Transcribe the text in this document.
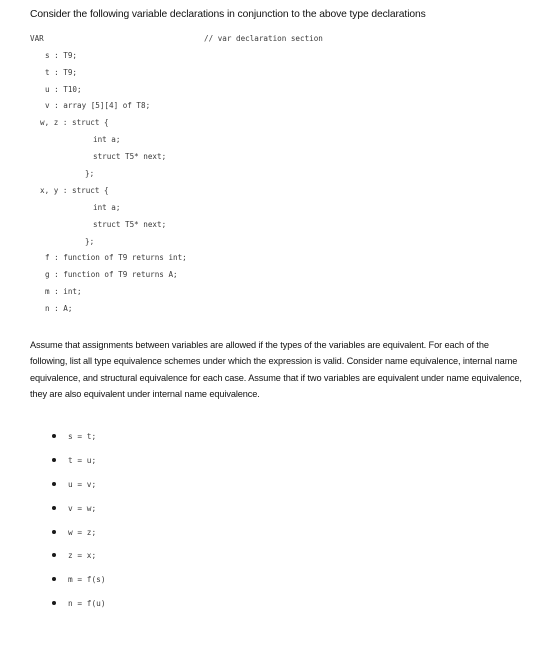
Consider the following variable declarations in conjunction to the above type declarations
VAR	// var declaration section
s : T9;
t : T9;
u : T10;
v : array [5][4] of T8;
w, z : struct {
int a;
struct T5* next;
};
x, y : struct {
int a;
struct T5* next;
};
f : function of T9 returns int;
g : function of T9 returns A;
m : int;
n : A;
Assume that assignments between variables are allowed if the types of the variables are equivalent. For each of the following, list all type equivalence schemes under which the expression is valid. Consider name equivalence, internal name equivalence, and structural equivalence for each case. Assume that if two variables are equivalent under name equivalence, they are also equivalent under internal name equivalence.
s = t;
t = u;
u = v;
v = w;
w = z;
z = x;
m = f(s)
n = f(u)
